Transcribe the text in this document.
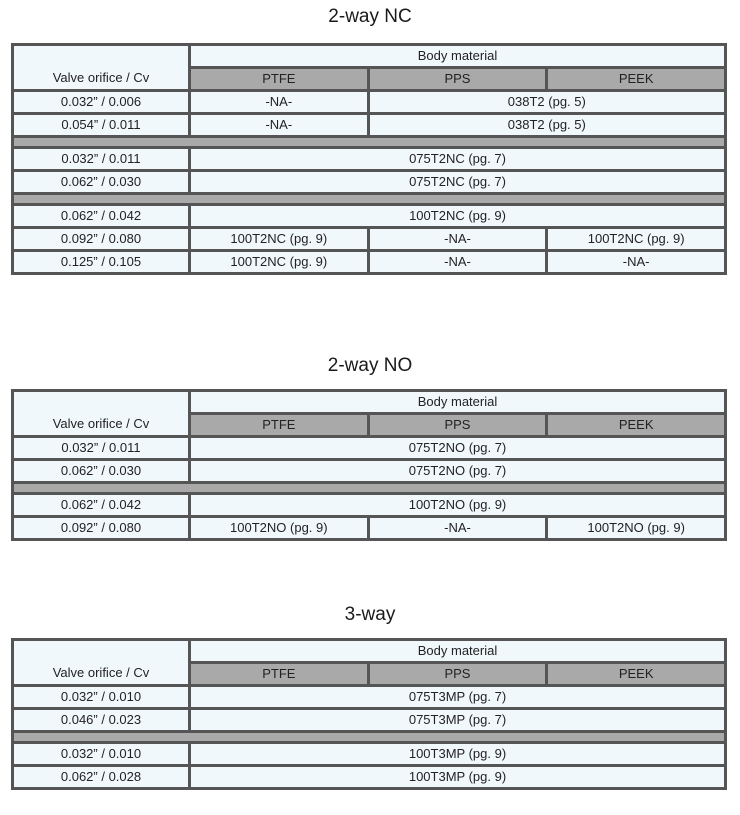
2-way NC
Valve orifice / Cv	Body material		
	PTFE	PPS	PEEK
0.032” / 0.006	-NA-	038T2 (pg. 5)	
0.054” / 0.011	-NA-	038T2 (pg. 5)	

0.032” / 0.011	075T2NC (pg. 7)		
0.062” / 0.030	075T2NC (pg. 7)		

0.062” / 0.042	100T2NC (pg. 9)		
0.092” / 0.080	100T2NC (pg. 9)	-NA-	100T2NC (pg. 9)
0.125” / 0.105	100T2NC (pg. 9)	-NA-	-NA-
2-way NO
Valve orifice / Cv	Body material		
	PTFE	PPS	PEEK
0.032” / 0.011	075T2NO (pg. 7)		
0.062” / 0.030	075T2NO (pg. 7)		

0.062” / 0.042	100T2NO (pg. 9)		
0.092” / 0.080	100T2NO (pg. 9)	-NA-	100T2NO (pg. 9)
3-way
Valve orifice / Cv	Body material		
	PTFE	PPS	PEEK
0.032” / 0.010	075T3MP (pg. 7)		
0.046” / 0.023	075T3MP (pg. 7)		

0.032” / 0.010	100T3MP (pg. 9)		
0.062” / 0.028	100T3MP (pg. 9)		
